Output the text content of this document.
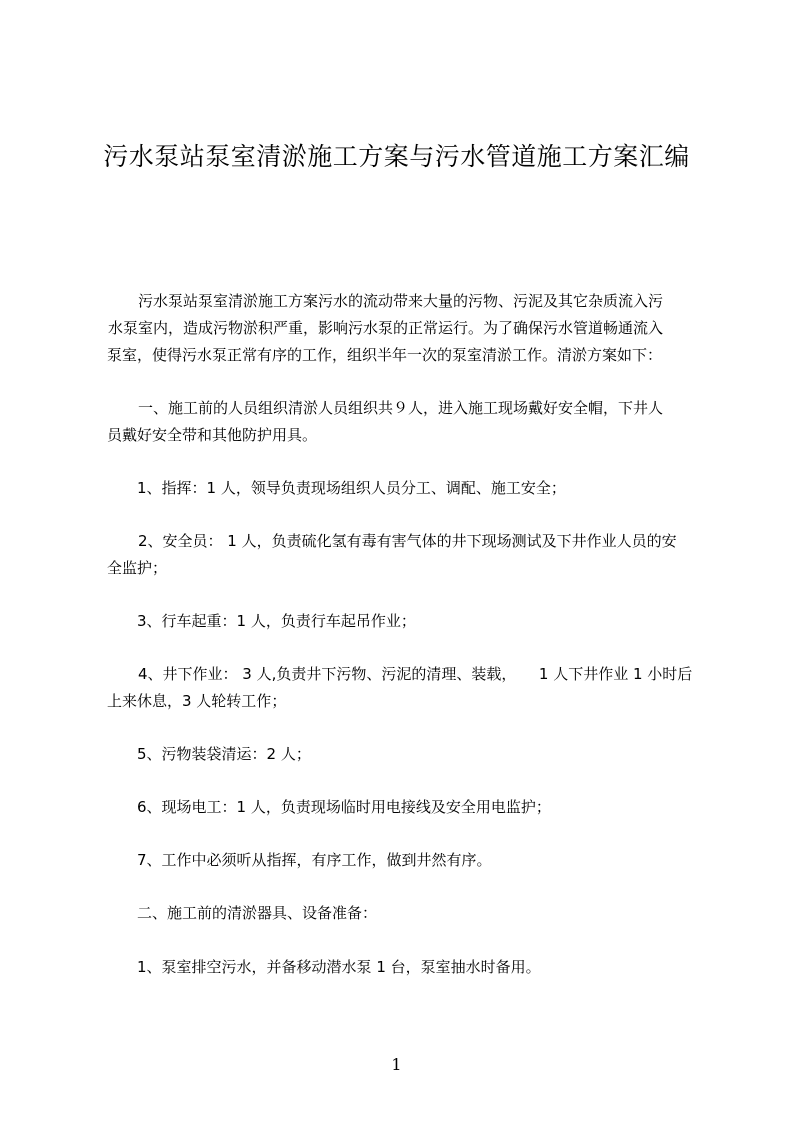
污水泵站泵室清淤施工方案与污水管道施工方案汇编

污水泵站泵室清淤施工方案污水的流动带来大量的污物、污泥及其它杂质流入污
水泵室内，造成污物淤积严重，影响污水泵的正常运行。为了确保污水管道畅通流入
泵室，使得污水泵正常有序的工作，组织半年一次的泵室清淤工作。清淤方案如下：

一、施工前的人员组织清淤人员组织共９人，进入施工现场戴好安全帽，下井人
员戴好安全带和其他防护用具。

1、指挥：1 人，领导负责现场组织人员分工、调配、施工安全；

2、安全员： 1 人，负责硫化氢有毒有害气体的井下现场测试及下井作业人员的安
全监护；

3、行车起重：1 人，负责行车起吊作业；

4、井下作业： 3 人,负责井下污物、污泥的清理、装载，　　1 人下井作业 1 小时后
上来休息，3 人轮转工作；

5、污物装袋清运：2 人；

6、现场电工：1 人，负责现场临时用电接线及安全用电监护；

7、工作中必须听从指挥，有序工作，做到井然有序。

二、施工前的清淤器具、设备准备：

1、泵室排空污水，并备移动潜水泵 1 台，泵室抽水时备用。

1
